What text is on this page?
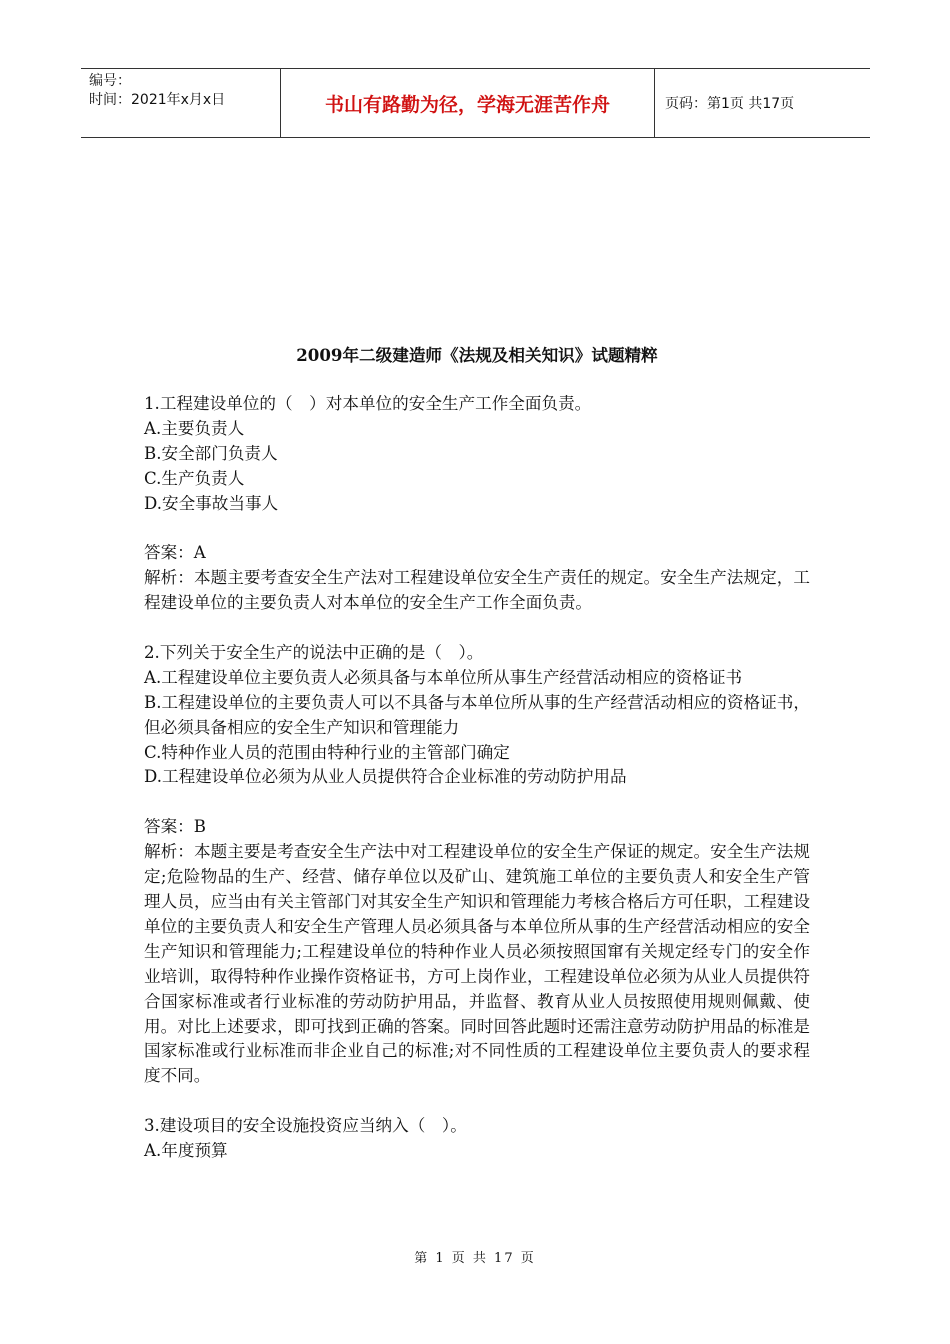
编号：
时间：2021年x月x日	书山有路勤为径，学海无涯苦作舟	页码：第1页 共17页
2009年二级建造师《法规及相关知识》试题精粹
1.工程建设单位的（　）对本单位的安全生产工作全面负责。
A.主要负责人
B.安全部门负责人
C.生产负责人
D.安全事故当事人
答案：A
解析：本题主要考查安全生产法对工程建设单位安全生产责任的规定。安全生产法规定，工程建设单位的主要负责人对本单位的安全生产工作全面负责。
2.下列关于安全生产的说法中正确的是（　）。
A.工程建设单位主要负责人必须具备与本单位所从事生产经营活动相应的资格证书
B.工程建设单位的主要负责人可以不具备与本单位所从事的生产经营活动相应的资格证书，但必须具备相应的安全生产知识和管理能力
C.特种作业人员的范围由特种行业的主管部门确定
D.工程建设单位必须为从业人员提供符合企业标准的劳动防护用品
答案：B
解析：本题主要是考查安全生产法中对工程建设单位的安全生产保证的规定。安全生产法规定;危险物品的生产、经营、储存单位以及矿山、建筑施工单位的主要负责人和安全生产管理人员，应当由有关主管部门对其安全生产知识和管理能力考核合格后方可任职，工程建设单位的主要负责人和安全生产管理人员必须具备与本单位所从事的生产经营活动相应的安全生产知识和管理能力;工程建设单位的特种作业人员必须按照国窜有关规定经专门的安全作业培训，取得特种作业操作资格证书，方可上岗作业，工程建设单位必须为从业人员提供符合国家标准或者行业标准的劳动防护用品，并监督、教育从业人员按照使用规则佩戴、使用。对比上述要求，即可找到正确的答案。同时回答此题时还需注意劳动防护用品的标准是国家标准或行业标准而非企业自己的标准;对不同性质的工程建设单位主要负责人的要求程度不同。
3.建设项目的安全设施投资应当纳入（　）。
A.年度预算
第 1 页 共 17 页
